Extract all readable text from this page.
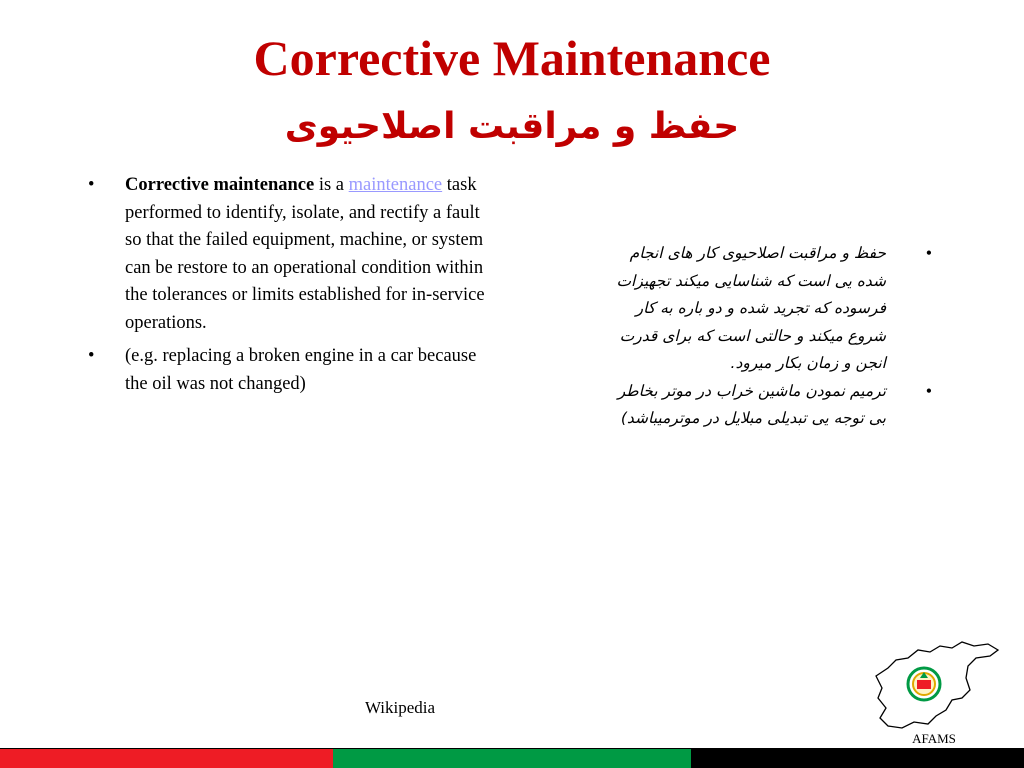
Corrective Maintenance
حفظ و مراقبت اصلاحیوی
• Corrective maintenance is a maintenance task performed to identify, isolate, and rectify a fault so that the failed equipment, machine, or system can be restore to an operational condition within the tolerances or limits established for in-service operations.
• (e.g. replacing a broken engine in a car because the oil was not changed)
•
حفظ و مراقبت اصلاحیوی کار های انجام شده یی است که شناسایی میکند تجهیزات فرسوده که تجرید شده و دو باره به کار شروع میکند و حالتی است که برای قدرت انجن و زمان بکار میرود.
•
ترمیم نمودن ماشین خراب در موتر بخاطر بی توجه یی تبدیلی مبلایل در موترمیباشد)
Wikipedia
AFAMS
